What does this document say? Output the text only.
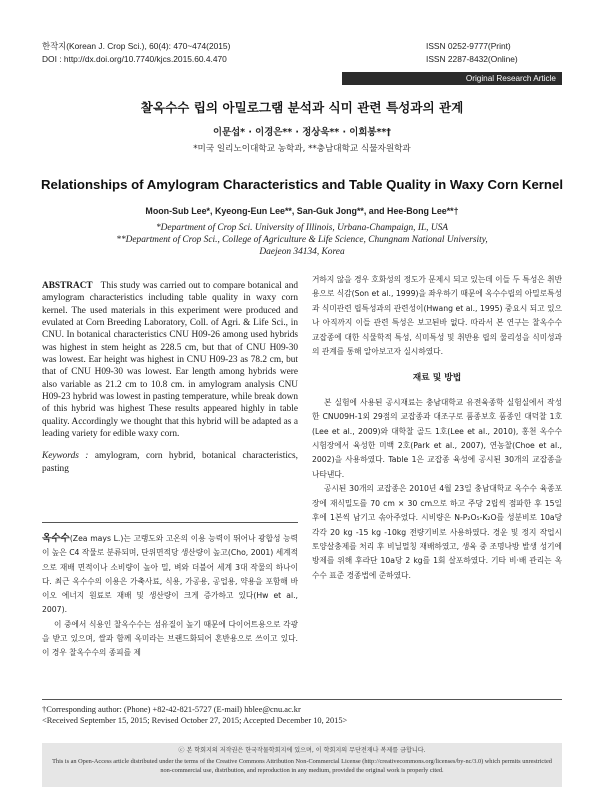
한작지(Korean J. Crop Sci.), 60(4): 470~474(2015)
DOI : http://dx.doi.org/10.7740/kjcs.2015.60.4.470
ISSN 0252-9777(Print)
ISSN 2287-8432(Online)
Original Research Article
찰옥수수 립의 아밀로그램 분석과 식미 관련 특성과의 관계
이문섭* · 이경은** · 정상욱** · 이희봉**†
*미국 일리노이대학교 농학과, **충남대학교 식물자원학과
Relationships of Amylogram Characteristics and Table Quality in Waxy Corn Kernel
Moon-Sub Lee*, Kyeong-Eun Lee**, San-Guk Jong**, and Hee-Bong Lee**†
*Department of Crop Sci. University of Illinois, Urbana-Champaign, IL, USA
**Department of Crop Sci., College of Agriculture & Life Science, Chungnam National University,
Daejeon 34134, Korea
ABSTRACT This study was carried out to compare botanical and amylogram characteristics including table quality in waxy corn kernel. The used materials in this experiment were produced and evulated at Corn Breeding Laboratory, Coll. of Agri. & Life Sci., in CNU. In botanical characteristics CNU H09-26 among used hybrids was highest in stem height as 228.5 cm, but that of CNU H09-30 was lowest. Ear height was highest in CNU H09-23 as 78.2 cm, but that of CNU H09-30 was lowest. Ear length among hybrids were also variable as 21.2 cm to 10.8 cm. in amylogram analysis CNU H09-23 hybrid was lowest in pasting temperature, while break down of this hybrid was highest These results appeared highly in table quality. Accordingly we thought that this hybrid will be adapted as a leading variety for edible waxy corn.
Keywords : amylogram, corn hybrid, botanical characteristics, pasting
옥수수(Zea mays L.)는 고랭도와 고온의 이용 능력이 뛰어나 광합성 능력이 높은 C4 작물로 분류되며, 단위면적당 생산량이 높고(Cho, 2001) 세계적으로 재배 면적이나 소비량이 높아 밀, 벼와 더불어 세계 3대 작물의 하나이다. 최근 옥수수의 이용은 가축사료, 식용, 가공용, 공업용, 약용을 포함해 바이오 에너지 원료로 재배 및 생산량이 크게 증가하고 있다(Hw et al., 2007).
이 중에서 식용인 찰옥수수는 섬유질이 높기 때문에 다이어트용으로 각광을 받고 있으며, 쌀과 함께 옥미라는 브랜드화되어 혼반용으로 쓰이고 있다. 이 경우 찰옥수수의 종피를 제
거하지 않을 경우 호화성의 정도가 문제시 되고 있는데 이들 두 특성은 취반용으로 식감(Son et al., 1999)을 좌우하기 때문에 옥수수립의 아밀로특성과 식미관련 립특성과의 관련성이(Hwang et al., 1995) 중요시 되고 있으나 아직까지 이들 관련 특성은 보고된바 없다. 따라서 본 연구는 찰옥수수 교잡종에 대한 식물학적 특성, 식미특성 및 취반용 립의 물리성을 식미성과의 관계를 통해 알아보고자 실시하였다.
재료 및 방법
본 실험에 사용된 공시재료는 충남대학교 유전육종학 실험실에서 작성한 CNU09H-1외 29점의 교잡종과 대조구로 품종보호 품종인 대덕찰 1호(Lee et al., 2009)와 대학찰 골드 1호(Lee et al., 2010), 홍천 옥수수 시험장에서 육성한 미백 2호(Park et al., 2007), 연농찰(Choe et al., 2002)을 사용하였다. Table 1은 교잡종 육성에 공시된 30개의 교잡종을 나타낸다.
공시된 30개의 교잡종은 2010년 4월 23일 충남대학교 옥수수 육종포장에 재식밀도를 70 cm × 30 cm으로 하고 주당 2립씩 점파한 후 15일 후에 1본씩 남기고 솎아주었다. 시비량은 N-P₂O₅-K₂O를 성분비로 10a당 각각 20 kg -15 kg -10kg 전량기비로 사용하였다. 경운 및 정지 작업시 토양살충제를 처리 후 비닐멀칭 재배하였고, 생육 중 조명나방 발생 성기에 방제를 위해 후라단 10a당 2 kg를 1회 살포하였다. 기타 비·배 관리는 옥수수 표준 경종법에 준하였다.
†Corresponding author: (Phone) +82-42-821-5727 (E-mail) hblee@cnu.ac.kr
<Received September 15, 2015; Revised October 27, 2015; Accepted December 10, 2015>
ⓒ 본 학회지의 저작권은 한국작물학회지에 있으며, 이 학회지의 무단전재나 복제를 금합니다.
This is an Open-Access article distributed under the terms of the Creative Commons Attribution Non-Commercial License (http://creativecommons.org/licenses/by-nc/3.0) which permits unrestricted non-commercial use, distribution, and reproduction in any medium, provided the original work is properly cited.
